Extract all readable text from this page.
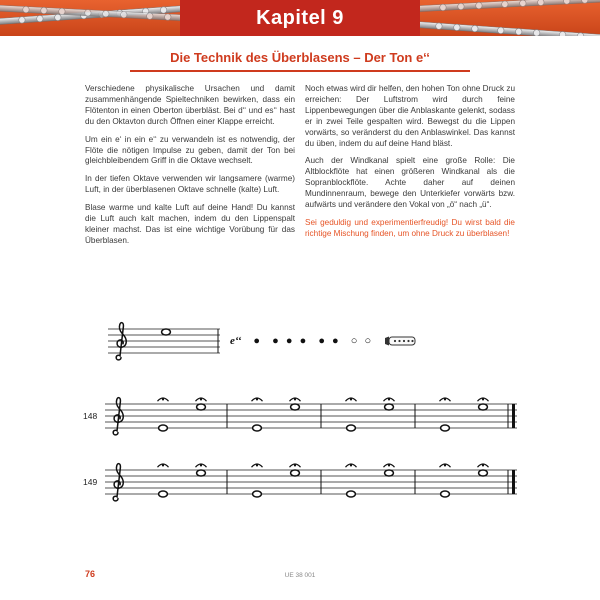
Kapitel 9
Die Technik des Überblasens – Der Ton e‘‘

Verschiedene physikalische Ursachen und damit zusammenhängende Spieltechniken bewirken, dass ein Flötenton in einen Oberton überbläst. Bei d‘‘ und es‘‘ hast du den Oktavton durch Öffnen einer Klappe erreicht.

Um ein e‘ in ein e‘‘ zu verwandeln ist es notwendig, der Flöte die nötigen Impulse zu geben, damit der Ton bei gleichbleibendem Griff in die Oktave wechselt.

In der tiefen Oktave verwenden wir langsamere (warme) Luft, in der überblasenen Oktave schnelle (kalte) Luft.

Blase warme und kalte Luft auf deine Hand! Du kannst die Luft auch kalt machen, indem du den Lippenspalt kleiner machst. Das ist eine wichtige Vorübung für das Überblasen.

Noch etwas wird dir helfen, den hohen Ton ohne Druck zu erreichen: Der Luftstrom wird durch feine Lippenbewegungen über die Anblaskante gelenkt, sodass er in zwei Teile gespalten wird. Bewegst du die Lippen vorwärts, so veränderst du den Anblaswinkel. Das kannst du üben, indem du auf deine Hand bläst.

Auch der Windkanal spielt eine große Rolle: Die Altblockflöte hat einen größeren Windkanal als die Sopranblockflöte. Achte daher auf deinen Mundinnenraum, bewege den Unterkiefer vorwärts bzw. aufwärts und verändere den Vokal von „ö“ nach „ü“.

Sei geduldig und experimentierfreudig! Du wirst bald die richtige Mischung finden, um ohne Druck zu überblasen!

e‘‘ ●  ● ● ●  ● ●  ○ ○
148
149
76	UE 38 001
